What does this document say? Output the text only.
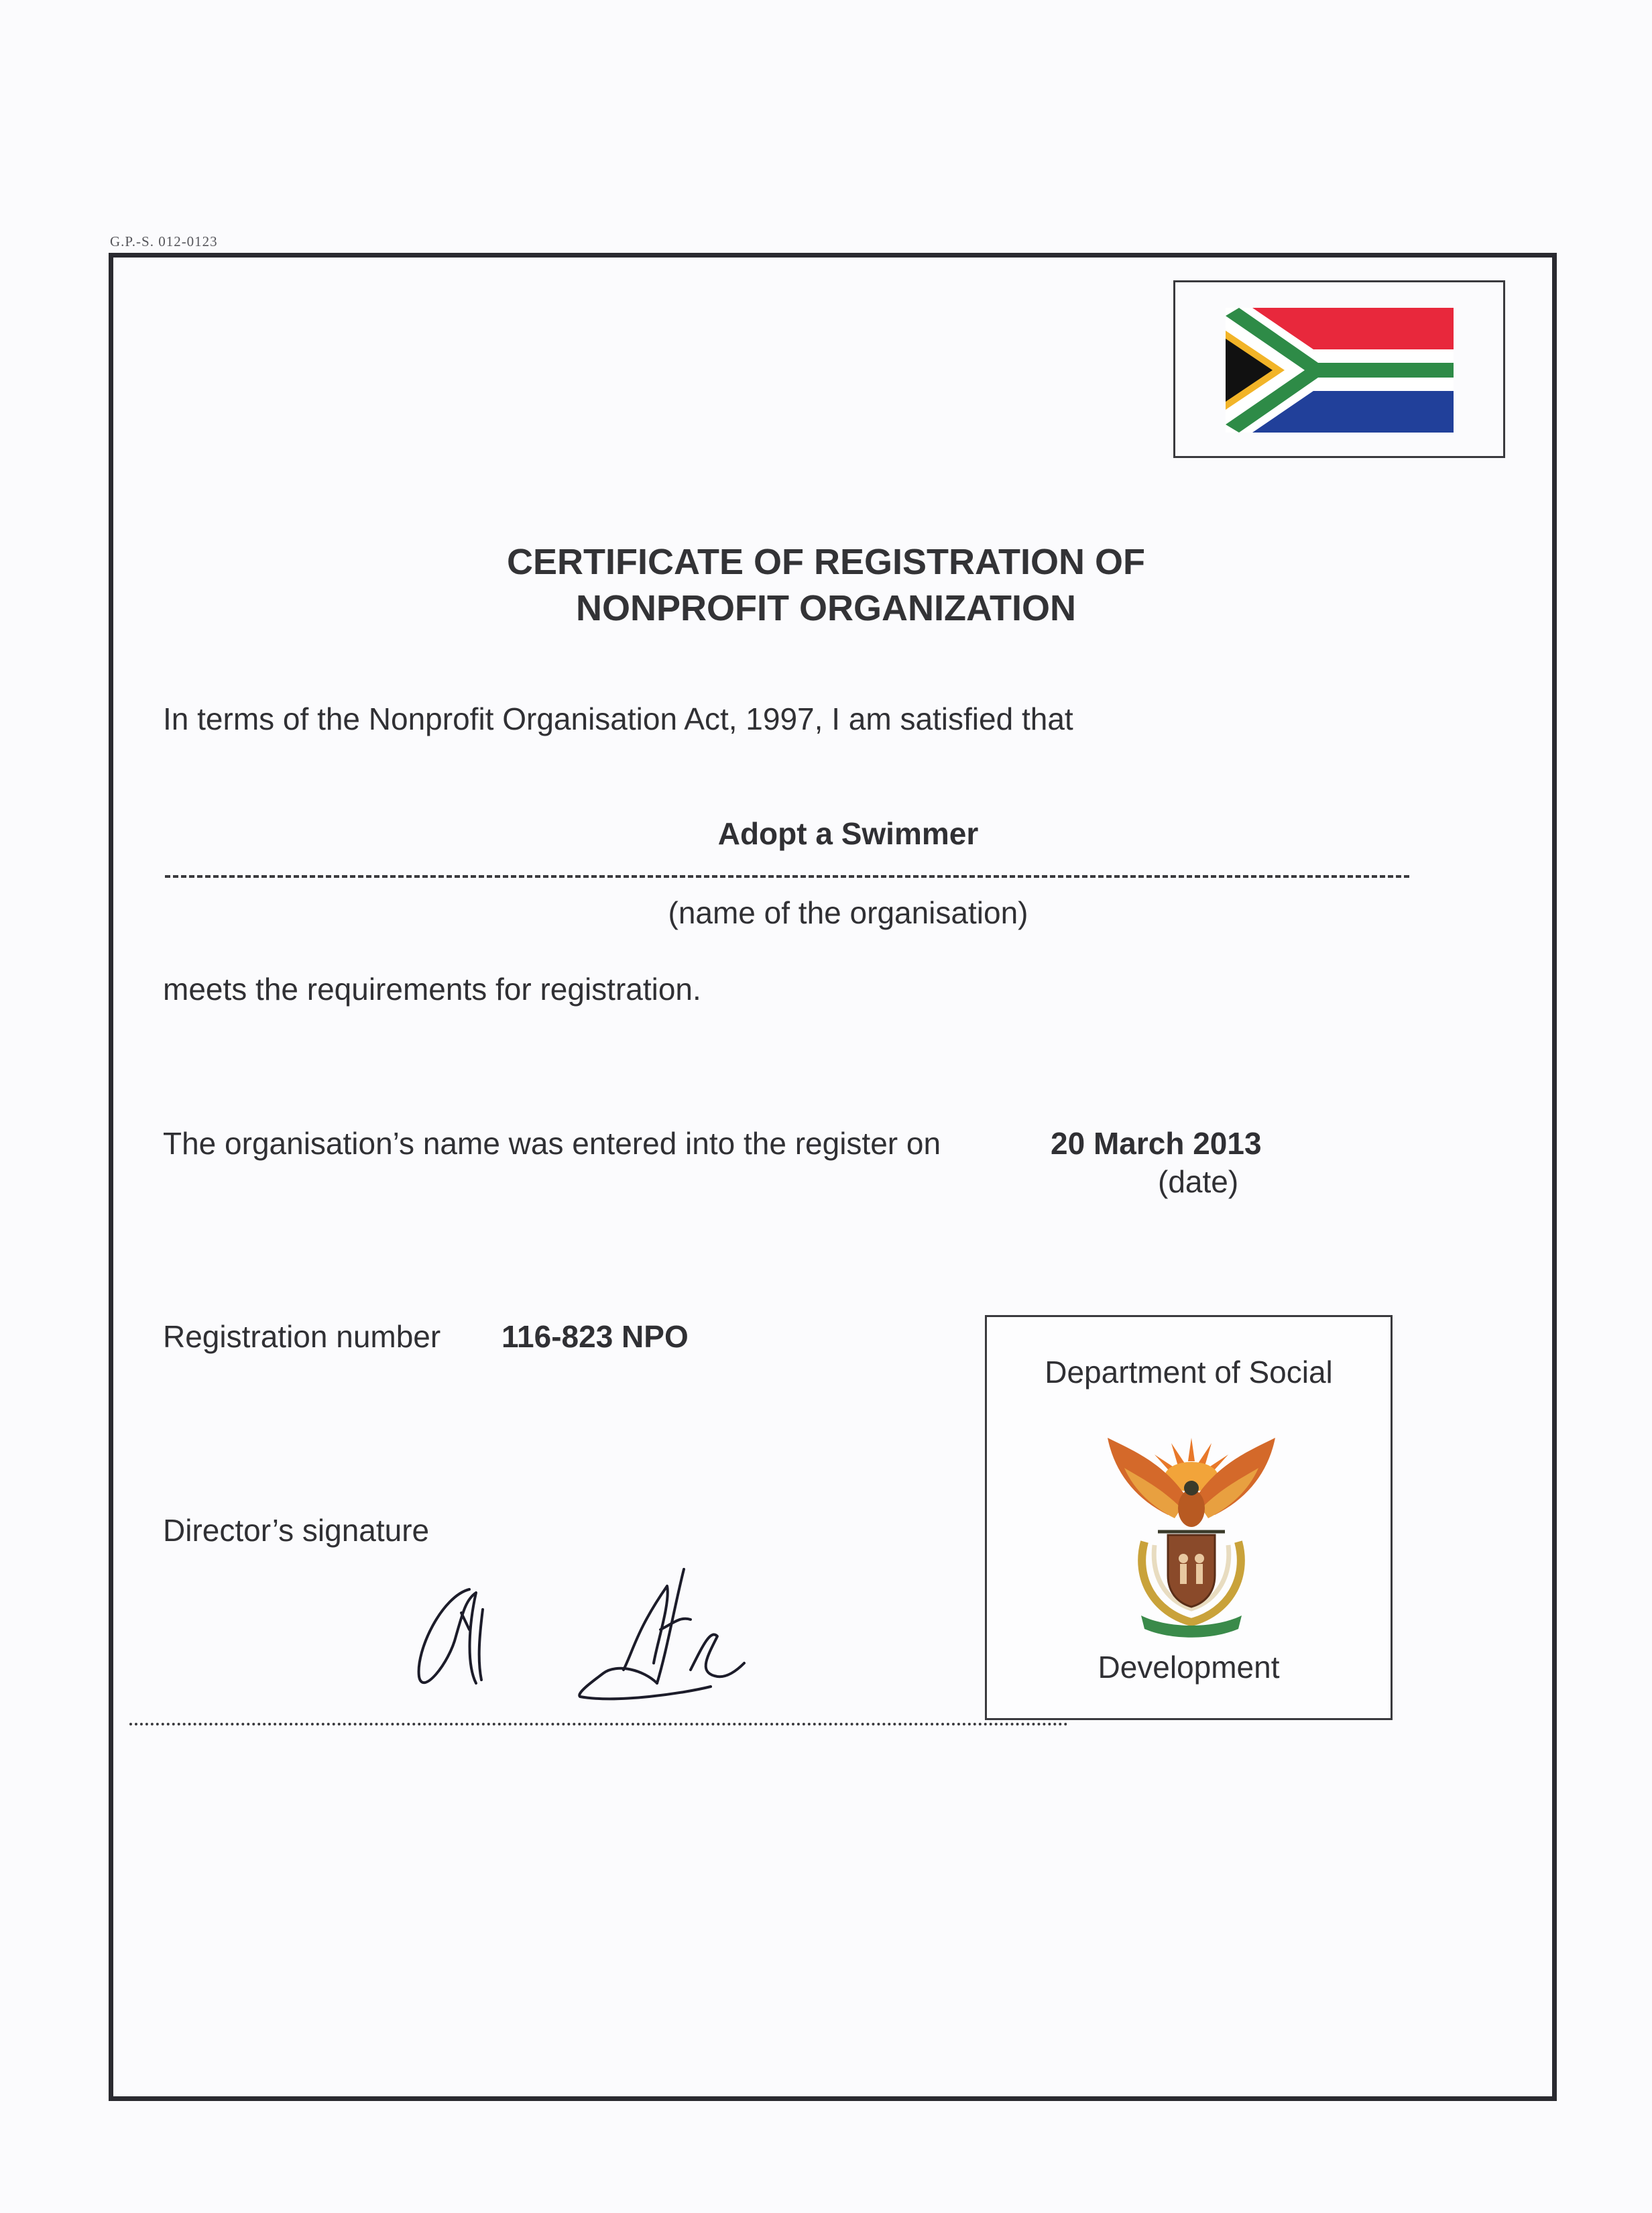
G.P.-S. 012-0123
CERTIFICATE OF REGISTRATION OF
NONPROFIT ORGANIZATION
In terms of the Nonprofit Organisation Act, 1997, I am satisfied that
Adopt a Swimmer
(name of the organisation)
meets the requirements for registration.
The organisation’s name was entered into the register on	20 March 2013
(date)
Registration number 116-823 NPO
Director’s signature
Department of Social
Development
